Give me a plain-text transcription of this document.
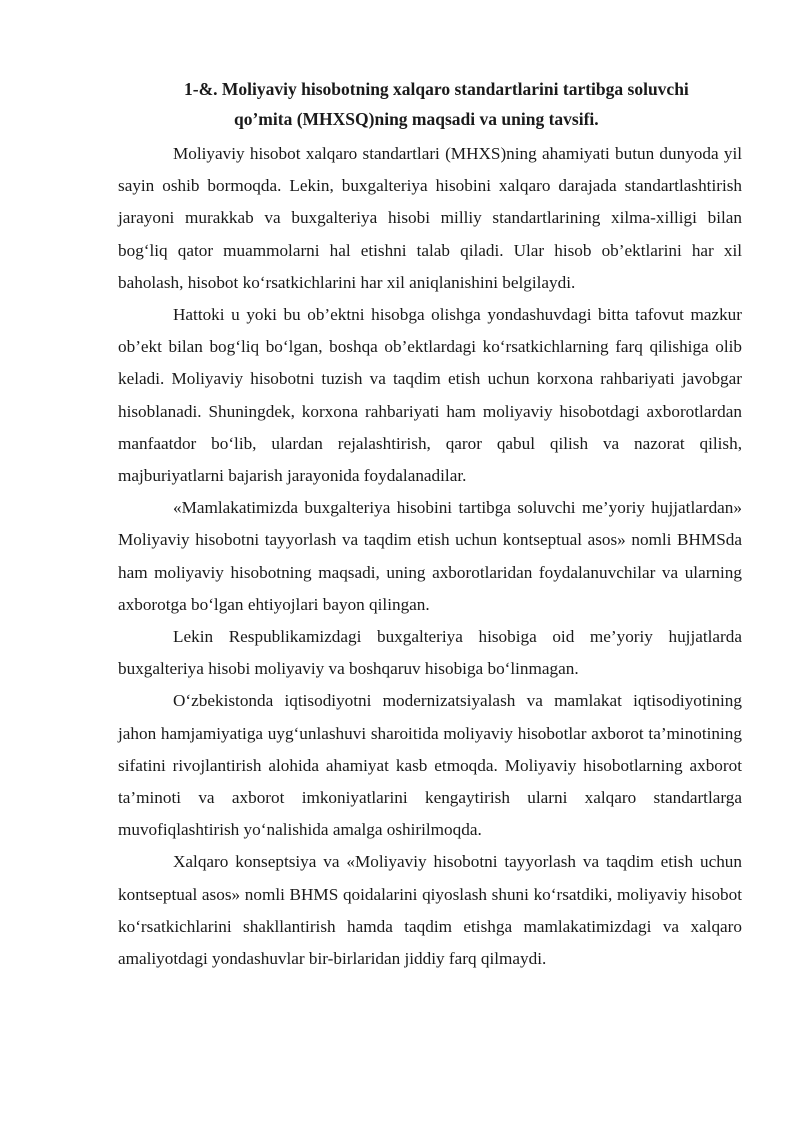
1-&. Moliyaviy hisobotning xalqaro standartlarini tartibga soluvchi
qo’mita (MHXSQ)ning maqsadi va uning tavsifi.

Moliyaviy hisobot xalqaro standartlari (MHXS)ning ahamiyati butun dunyoda yil sayin oshib bormoqda. Lekin, buxgalteriya hisobini xalqaro darajada standartlashtirish jarayoni murakkab va buxgalteriya hisobi milliy standartlarining xilma-xilligi bilan bog‘liq qator muammolarni hal etishni talab qiladi. Ular hisob ob’ektlarini har xil baholash, hisobot ko‘rsatkichlarini har xil aniqlanishini belgilaydi.

Hattoki u yoki bu ob’ektni hisobga olishga yondashuvdagi bitta tafovut mazkur ob’ekt bilan bog‘liq bo‘lgan, boshqa ob’ektlardagi ko‘rsatkichlarning farq qilishiga olib keladi. Moliyaviy hisobotni tuzish va taqdim etish uchun korxona rahbariyati javobgar hisoblanadi. Shuningdek, korxona rahbariyati ham moliyaviy hisobotdagi axborotlardan manfaatdor bo‘lib, ulardan rejalashtirish, qaror qabul qilish va nazorat qilish, majburiyatlarni bajarish jarayonida foydalanadilar.

«Mamlakatimizda buxgalteriya hisobini tartibga soluvchi me’yoriy hujjatlardan» Moliyaviy hisobotni tayyorlash va taqdim etish uchun kontseptual asos» nomli BHMSda ham moliyaviy hisobotning maqsadi, uning axborotlaridan foydalanuvchilar va ularning axborotga bo‘lgan ehtiyojlari bayon qilingan.

Lekin Respublikamizdagi buxgalteriya hisobiga oid me’yoriy hujjatlarda buxgalteriya hisobi moliyaviy va boshqaruv hisobiga bo‘linmagan.

O‘zbekistonda iqtisodiyotni modernizatsiyalash va mamlakat iqtisodiyotining jahon hamjamiyatiga uyg‘unlashuvi sharoitida moliyaviy hisobotlar axborot ta’minotining sifatini rivojlantirish alohida ahamiyat kasb etmoqda. Moliyaviy hisobotlarning axborot ta’minoti va axborot imkoniyatlarini kengaytirish ularni xalqaro standartlarga muvofiqlashtirish yo‘nalishida amalga oshirilmoqda.

Xalqaro konseptsiya va «Moliyaviy hisobotni tayyorlash va taqdim etish uchun kontseptual asos» nomli BHMS qoidalarini qiyoslash shuni ko‘rsatdiki, moliyaviy hisobot ko‘rsatkichlarini shakllantirish hamda taqdim etishga mamlakatimizdagi va xalqaro amaliyotdagi yondashuvlar bir-birlaridan jiddiy farq qilmaydi.
